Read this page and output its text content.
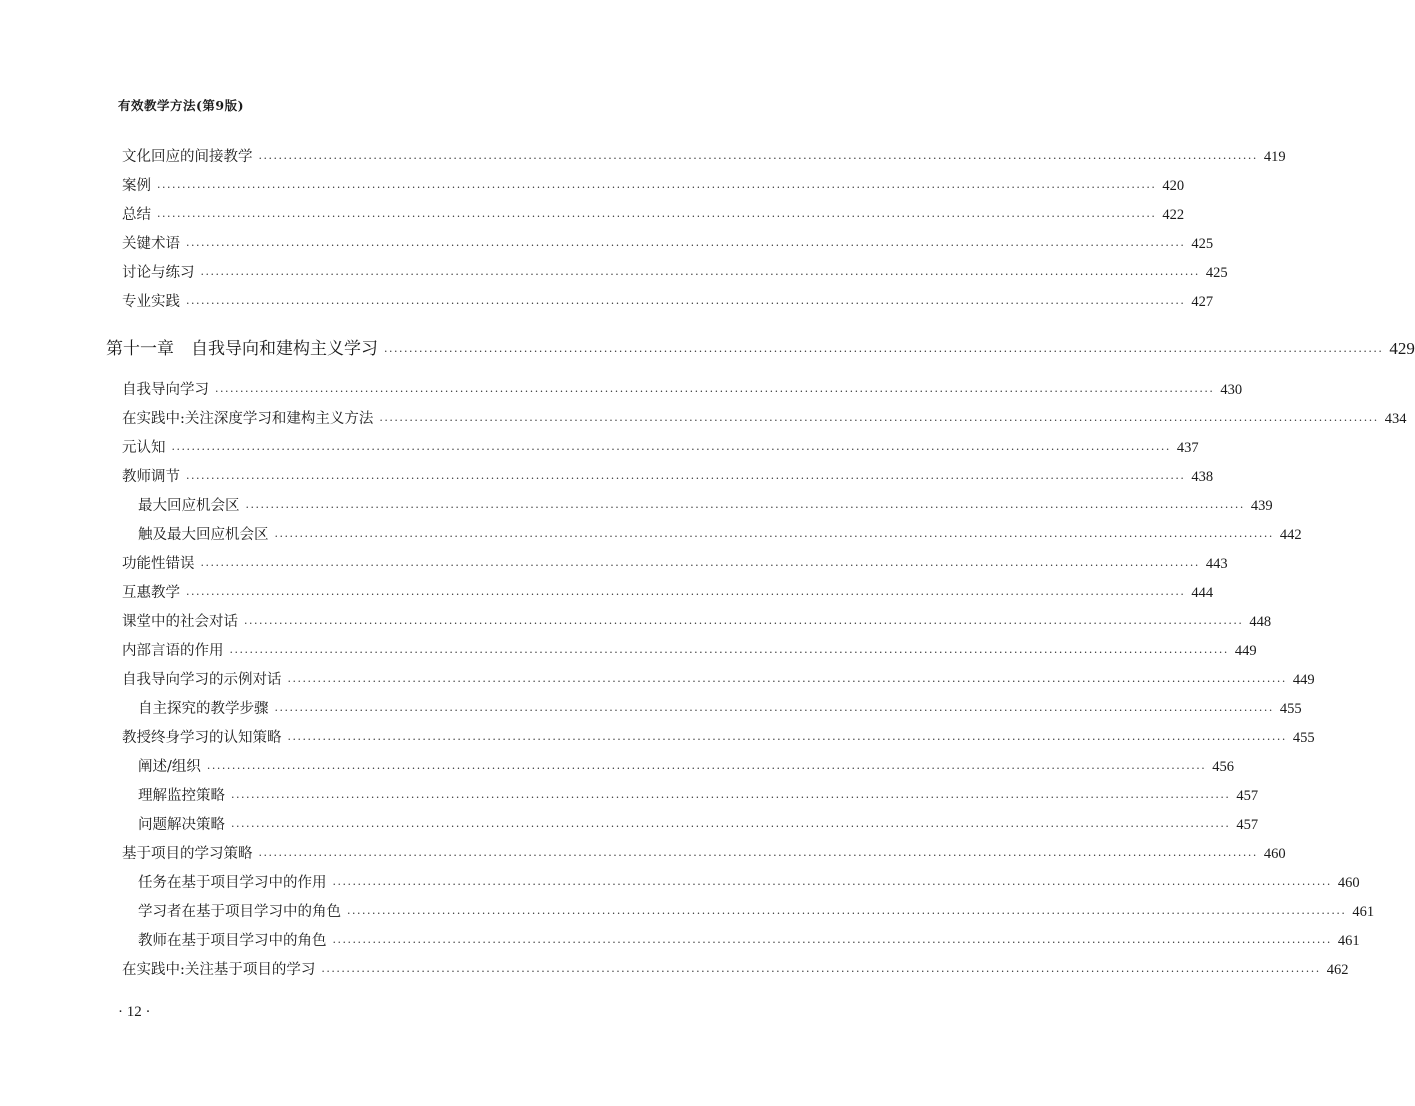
有效教学方法(第9版)
文化回应的间接教学 ········································································································································································································ 419
案例 ········································································································································································································ 420
总结 ········································································································································································································ 422
关键术语 ········································································································································································································ 425
讨论与练习 ········································································································································································································ 425
专业实践 ········································································································································································································ 427
第十一章　自我导向和建构主义学习 ········································································································································································································ 429
自我导向学习 ········································································································································································································ 430
在实践中:关注深度学习和建构主义方法 ········································································································································································································ 434
元认知 ········································································································································································································ 437
教师调节 ········································································································································································································ 438
最大回应机会区 ········································································································································································································ 439
触及最大回应机会区 ········································································································································································································ 442
功能性错误 ········································································································································································································ 443
互惠教学 ········································································································································································································ 444
课堂中的社会对话 ········································································································································································································ 448
内部言语的作用 ········································································································································································································ 449
自我导向学习的示例对话 ········································································································································································································ 449
自主探究的教学步骤 ········································································································································································································ 455
教授终身学习的认知策略 ········································································································································································································ 455
阐述/组织 ········································································································································································································ 456
理解监控策略 ········································································································································································································ 457
问题解决策略 ········································································································································································································ 457
基于项目的学习策略 ········································································································································································································ 460
任务在基于项目学习中的作用 ········································································································································································································ 460
学习者在基于项目学习中的角色 ········································································································································································································ 461
教师在基于项目学习中的角色 ········································································································································································································ 461
在实践中:关注基于项目的学习 ········································································································································································································ 462
· 12 ·
